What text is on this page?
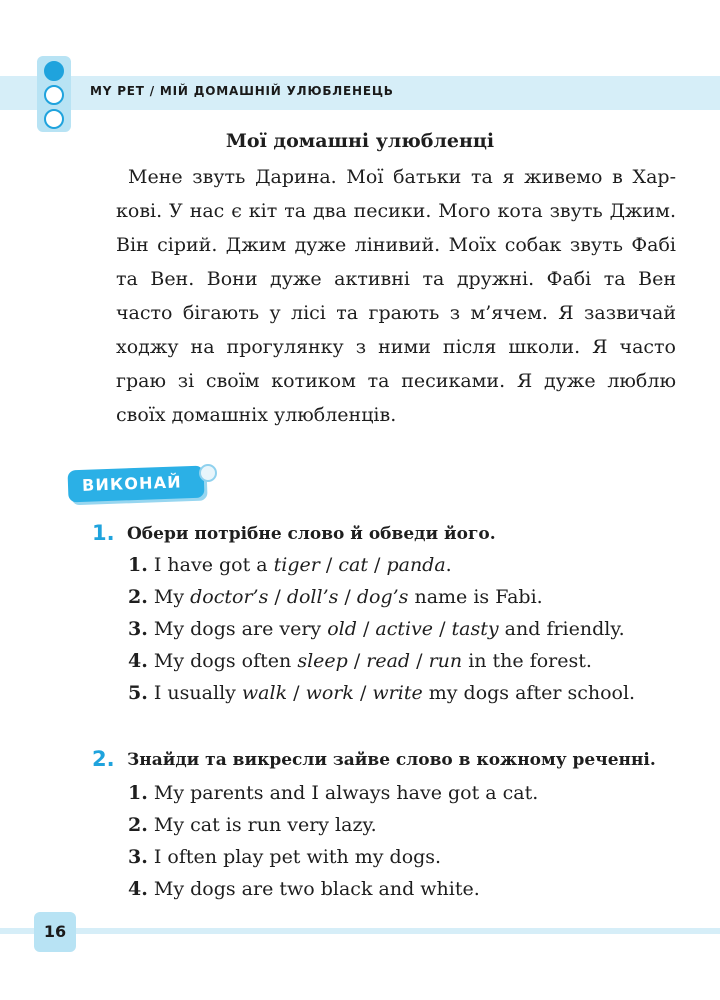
MY PET / МІЙ ДОМАШНІЙ УЛЮБЛЕНЕЦЬ
Мої домашні улюбленці

Мене звуть Дарина. Мої батьки та я живемо в Харкові. У нас є кіт та два песики. Мого кота звуть Джим. Він сірий. Джим дуже лінивий. Моїх собак звуть Фабі та Вен. Вони дуже активні та дружні. Фабі та Вен часто бігають у лісі та грають з м’ячем. Я зазвичай ходжу на прогулянку з ними після школи. Я часто граю зі своїм котиком та песиками. Я дуже люблю своїх домашніх улюбленців.

ВИКОНАЙ
1. Обери потрібне слово й обведи його.
1. I have got a tiger / cat / panda.
2. My doctor’s / doll’s / dog’s name is Fabi.
3. My dogs are very old / active / tasty and friendly.
4. My dogs often sleep / read / run in the forest.
5. I usually walk / work / write my dogs after school.
2. Знайди та викресли зайве слово в кожному реченні.
1. My parents and I always have got a cat.
2. My cat is run very lazy.
3. I often play pet with my dogs.
4. My dogs are two black and white.
16
